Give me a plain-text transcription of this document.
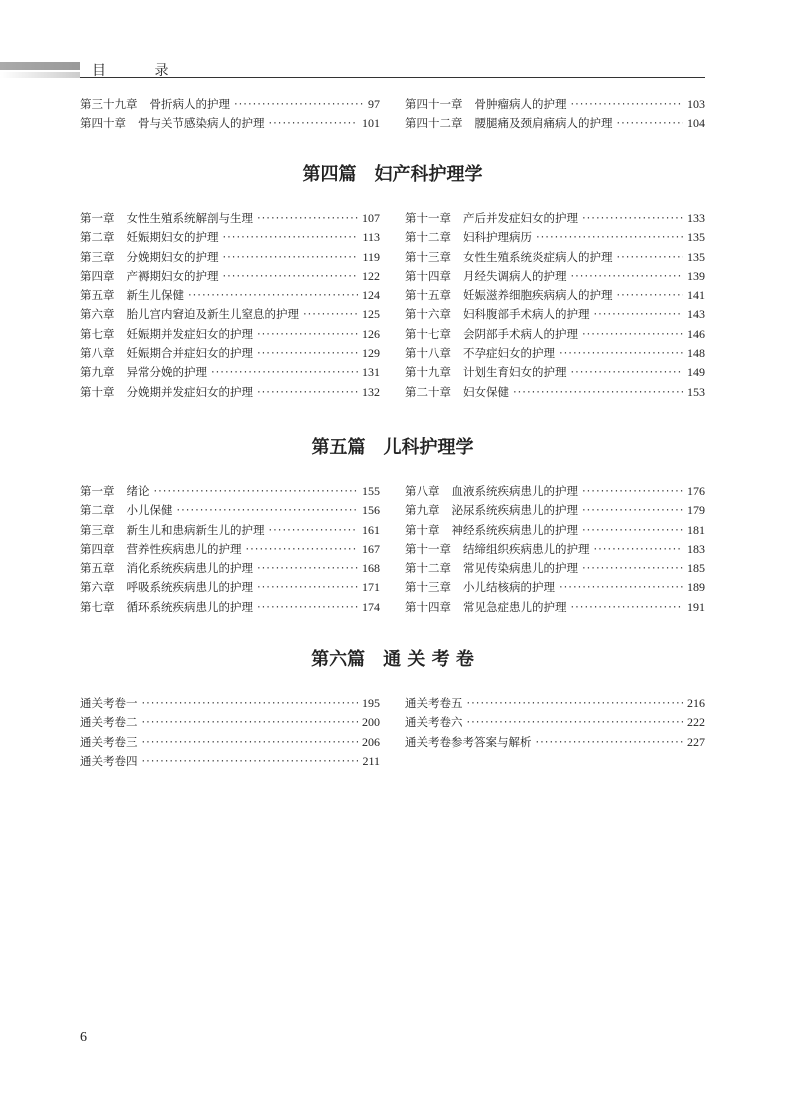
目 录
第三十九章 骨折病人的护理 ·····	97
第四十章 骨与关节感染病人的护理 ·····	101
第四十一章 骨肿瘤病人的护理 ·····	103
第四十二章 腰腿痛及颈肩痛病人的护理 ·····	104
第四篇　妇产科护理学
第一章 女性生殖系统解剖与生理 ·····	107
第二章 妊娠期妇女的护理 ·····	113
第三章 分娩期妇女的护理 ·····	119
第四章 产褥期妇女的护理 ·····	122
第五章 新生儿保健 ·····	124
第六章 胎儿宫内窘迫及新生儿窒息的护理 ·····	125
第七章 妊娠期并发症妇女的护理 ·····	126
第八章 妊娠期合并症妇女的护理 ·····	129
第九章 异常分娩的护理 ·····	131
第十章 分娩期并发症妇女的护理 ·····	132
第十一章 产后并发症妇女的护理 ·····	133
第十二章 妇科护理病历 ·····	135
第十三章 女性生殖系统炎症病人的护理 ·····	135
第十四章 月经失调病人的护理 ·····	139
第十五章 妊娠滋养细胞疾病病人的护理 ·····	141
第十六章 妇科腹部手术病人的护理 ·····	143
第十七章 会阴部手术病人的护理 ·····	146
第十八章 不孕症妇女的护理 ·····	148
第十九章 计划生育妇女的护理 ·····	149
第二十章 妇女保健 ·····	153
第五篇　儿科护理学
第一章 绪论 ·····	155
第二章 小儿保健 ·····	156
第三章 新生儿和患病新生儿的护理 ·····	161
第四章 营养性疾病患儿的护理 ·····	167
第五章 消化系统疾病患儿的护理 ·····	168
第六章 呼吸系统疾病患儿的护理 ·····	171
第七章 循环系统疾病患儿的护理 ·····	174
第八章 血液系统疾病患儿的护理 ·····	176
第九章 泌尿系统疾病患儿的护理 ·····	179
第十章 神经系统疾病患儿的护理 ·····	181
第十一章 结缔组织疾病患儿的护理 ·····	183
第十二章 常见传染病患儿的护理 ·····	185
第十三章 小儿结核病的护理 ·····	189
第十四章 常见急症患儿的护理 ·····	191
第六篇　通 关 考 卷
通关考卷一 ·····	195
通关考卷二 ·····	200
通关考卷三 ·····	206
通关考卷四 ·····	211
通关考卷五 ·····	216
通关考卷六 ·····	222
通关考卷参考答案与解析 ·····	227
6
